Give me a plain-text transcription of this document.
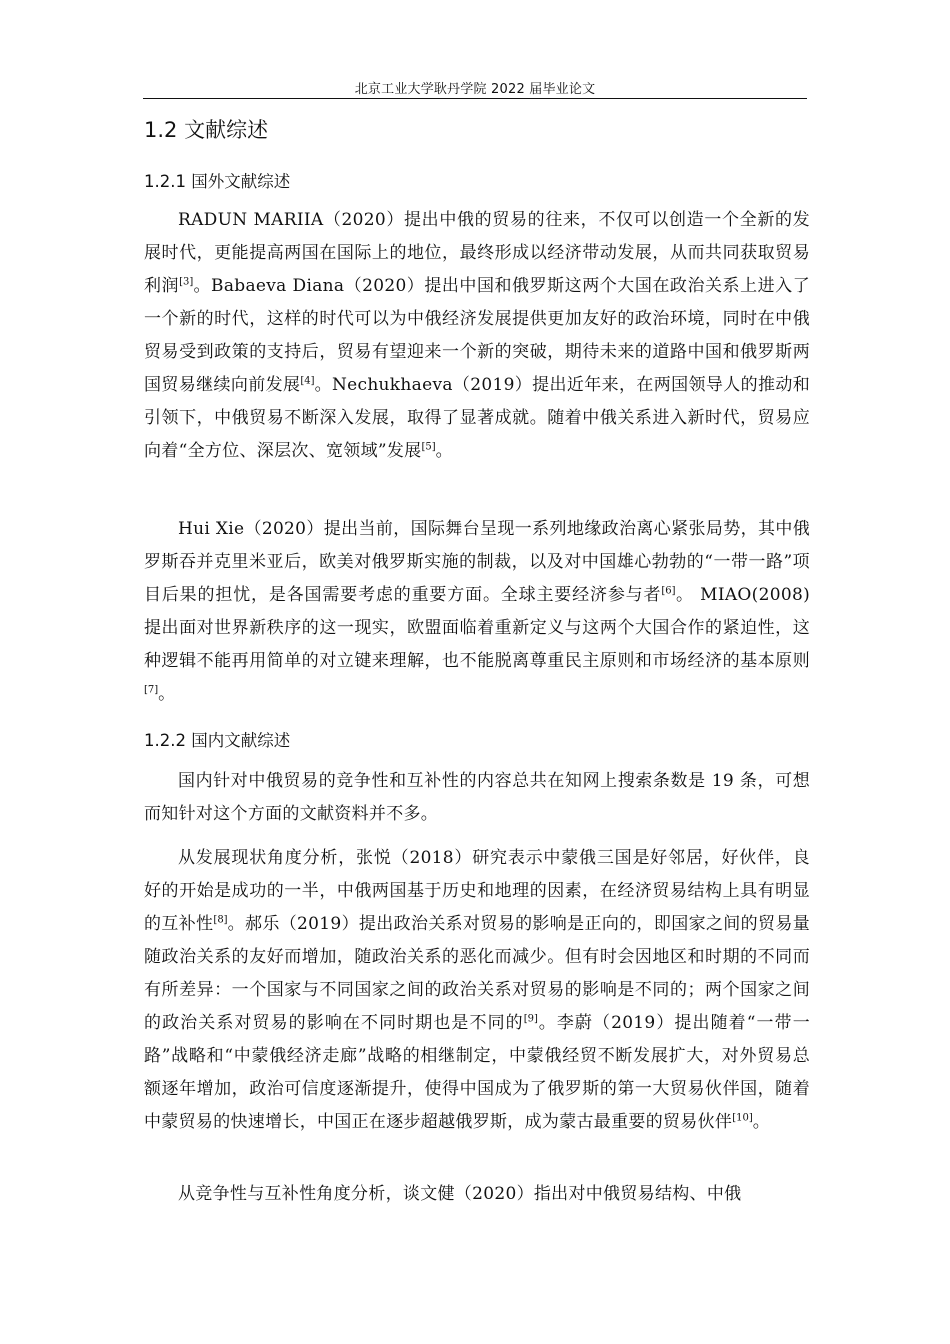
北京工业大学耿丹学院 2022 届毕业论文
1.2 文献综述
1.2.1 国外文献综述

RADUN MARIIA（2020）提出中俄的贸易的往来，不仅可以创造一个全新的发展时代，更能提高两国在国际上的地位，最终形成以经济带动发展，从而共同获取贸易利润[3]。Babaeva Diana（2020）提出中国和俄罗斯这两个大国在政治关系上进入了一个新的时代，这样的时代可以为中俄经济发展提供更加友好的政治环境，同时在中俄贸易受到政策的支持后，贸易有望迎来一个新的突破，期待未来的道路中国和俄罗斯两国贸易继续向前发展[4]。Nechukhaeva（2019）提出近年来，在两国领导人的推动和引领下，中俄贸易不断深入发展，取得了显著成就。随着中俄关系进入新时代，贸易应向着“全方位、深层次、宽领域”发展[5]。

Hui Xie（2020）提出当前，国际舞台呈现一系列地缘政治离心紧张局势，其中俄罗斯吞并克里米亚后，欧美对俄罗斯实施的制裁，以及对中国雄心勃勃的“一带一路”项目后果的担忧，是各国需要考虑的重要方面。全球主要经济参与者[6]。 MIAO(2008)提出面对世界新秩序的这一现实，欧盟面临着重新定义与这两个大国合作的紧迫性，这种逻辑不能再用简单的对立键来理解，也不能脱离尊重民主原则和市场经济的基本原则[7]。

1.2.2 国内文献综述

国内针对中俄贸易的竞争性和互补性的内容总共在知网上搜索条数是 19 条，可想而知针对这个方面的文献资料并不多。

从发展现状角度分析，张悦（2018）研究表示中蒙俄三国是好邻居，好伙伴，良好的开始是成功的一半，中俄两国基于历史和地理的因素，在经济贸易结构上具有明显的互补性[8]。郝乐（2019）提出政治关系对贸易的影响是正向的，即国家之间的贸易量随政治关系的友好而增加，随政治关系的恶化而减少。但有时会因地区和时期的不同而有所差异：一个国家与不同国家之间的政治关系对贸易的影响是不同的；两个国家之间的政治关系对贸易的影响在不同时期也是不同的[9]。李蔚（2019）提出随着“一带一路”战略和“中蒙俄经济走廊”战略的相继制定，中蒙俄经贸不断发展扩大，对外贸易总额逐年增加，政治可信度逐渐提升，使得中国成为了俄罗斯的第一大贸易伙伴国，随着中蒙贸易的快速增长，中国正在逐步超越俄罗斯，成为蒙古最重要的贸易伙伴[10]。

从竞争性与互补性角度分析，谈文健（2020）指出对中俄贸易结构、中俄
